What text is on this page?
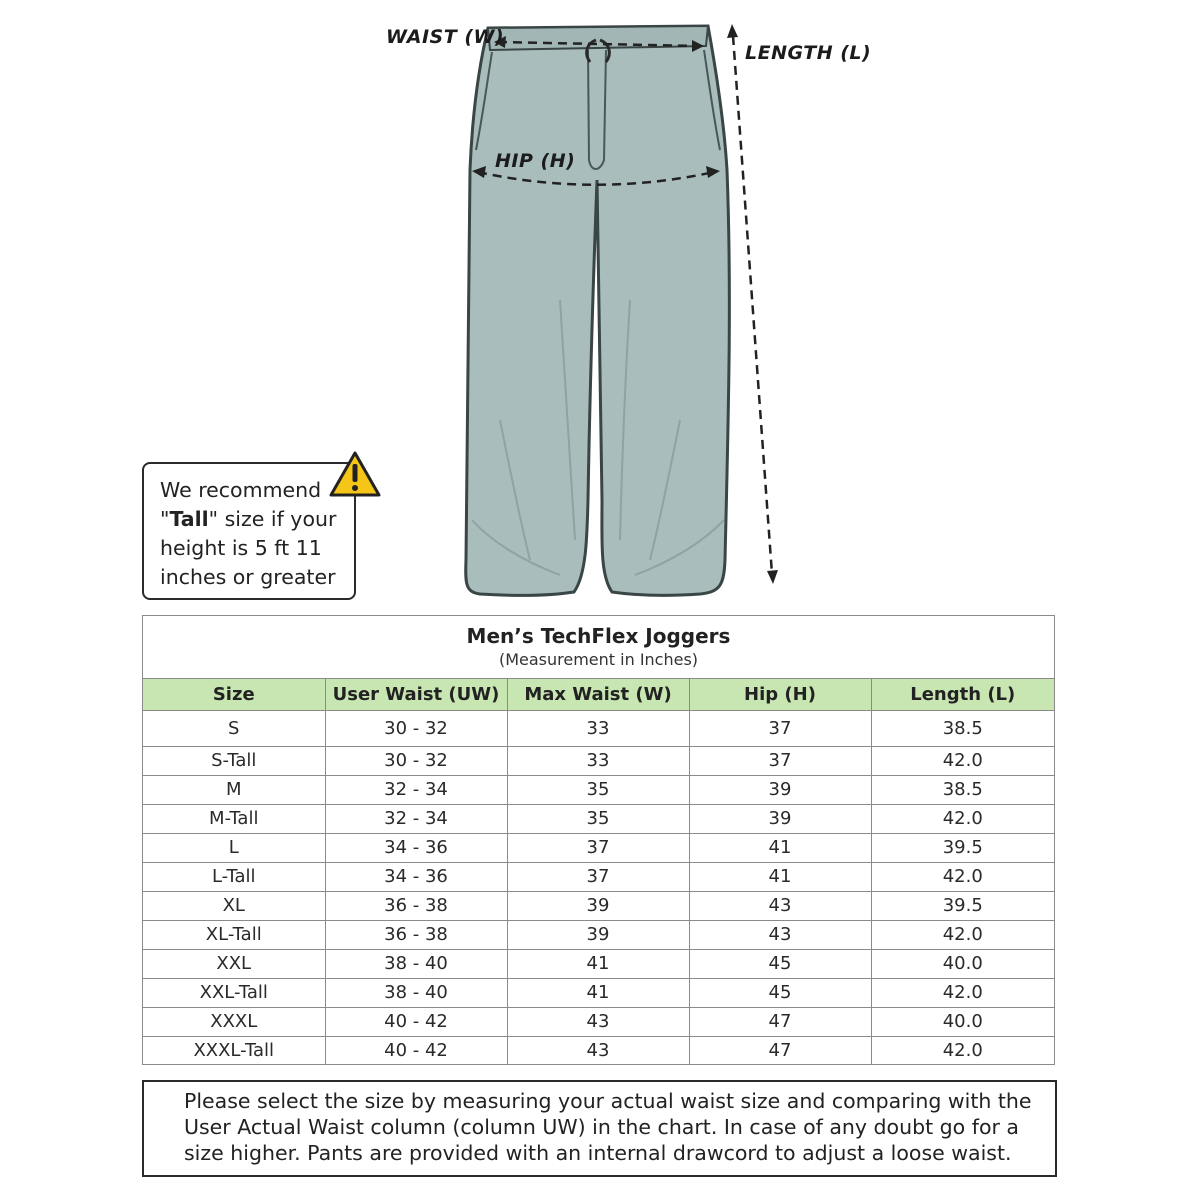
WAIST (W)
HIP (H)
LENGTH (L)
We recommend
"Tall" size if your
height is 5 ft 11
inches or greater
Men’s TechFlex Joggers
(Measurement in Inches)
Size	User Waist (UW)	Max Waist (W)	Hip (H)	Length (L)
S	30 - 32	33	37	38.5
S-Tall	30 - 32	33	37	42.0
M	32 - 34	35	39	38.5
M-Tall	32 - 34	35	39	42.0
L	34 - 36	37	41	39.5
L-Tall	34 - 36	37	41	42.0
XL	36 - 38	39	43	39.5
XL-Tall	36 - 38	39	43	42.0
XXL	38 - 40	41	45	40.0
XXL-Tall	38 - 40	41	45	42.0
XXXL	40 - 42	43	47	40.0
XXXL-Tall	40 - 42	43	47	42.0
Please select the size by measuring your actual waist size and comparing with the
User Actual Waist column (column UW) in the chart. In case of any doubt go for a
size higher. Pants are provided with an internal drawcord to adjust a loose waist.
